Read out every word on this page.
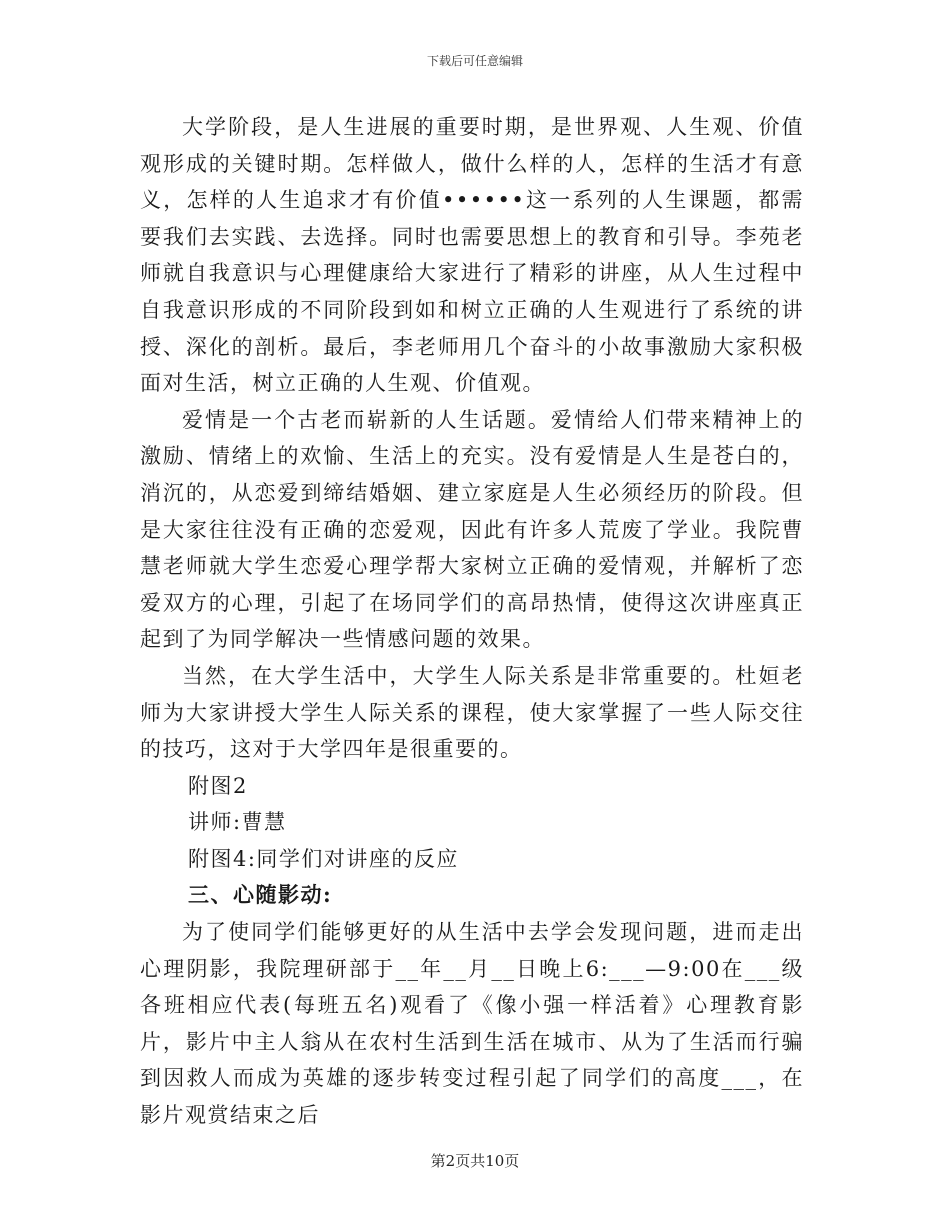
下载后可任意编辑

大学阶段，是人生进展的重要时期，是世界观、人生观、价值观形成的关键时期。怎样做人，做什么样的人，怎样的生活才有意义，怎样的人生追求才有价值••••••这一系列的人生课题，都需要我们去实践、去选择。同时也需要思想上的教育和引导。李苑老师就自我意识与心理健康给大家进行了精彩的讲座，从人生过程中自我意识形成的不同阶段到如和树立正确的人生观进行了系统的讲授、深化的剖析。最后，李老师用几个奋斗的小故事激励大家积极面对生活，树立正确的人生观、价值观。

爱情是一个古老而崭新的人生话题。爱情给人们带来精神上的激励、情绪上的欢愉、生活上的充实。没有爱情是人生是苍白的，消沉的，从恋爱到缔结婚姻、建立家庭是人生必须经历的阶段。但是大家往往没有正确的恋爱观，因此有许多人荒废了学业。我院曹慧老师就大学生恋爱心理学帮大家树立正确的爱情观，并解析了恋爱双方的心理，引起了在场同学们的高昂热情，使得这次讲座真正起到了为同学解决一些情感问题的效果。

当然，在大学生活中，大学生人际关系是非常重要的。杜姮老师为大家讲授大学生人际关系的课程，使大家掌握了一些人际交往的技巧，这对于大学四年是很重要的。

附图2

讲师:曹慧

附图4:同学们对讲座的反应

三、心随影动:

为了使同学们能够更好的从生活中去学会发现问题，进而走出心理阴影，我院理研部于__年__月__日晚上6:___—9:00在___级各班相应代表(每班五名)观看了《像小强一样活着》心理教育影片，影片中主人翁从在农村生活到生活在城市、从为了生活而行骗到因救人而成为英雄的逐步转变过程引起了同学们的高度___，在影片观赏结束之后

第2页共10页
